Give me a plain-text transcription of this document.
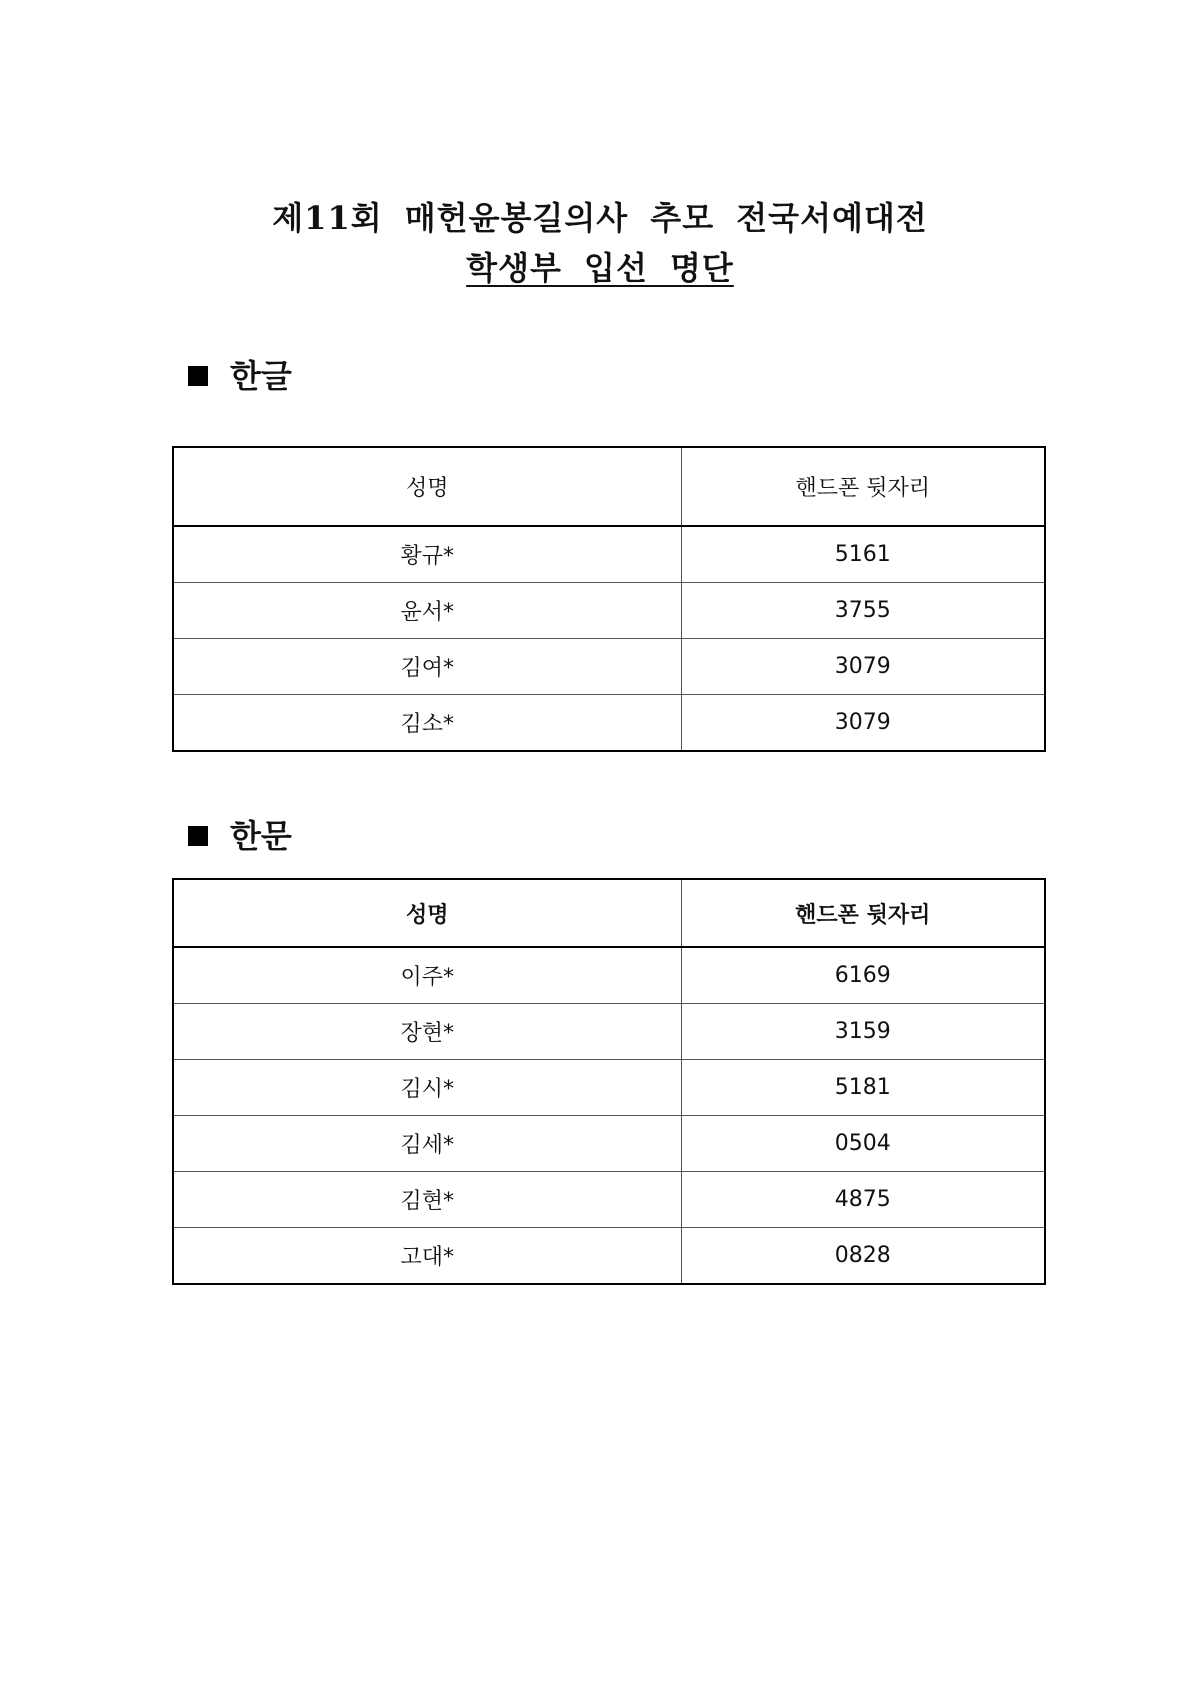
제11회 매헌윤봉길의사 추모 전국서예대전
학생부 입선 명단
한글
성명	핸드폰 뒷자리
황규*	5161
윤서*	3755
김여*	3079
김소*	3079
한문
성명	핸드폰 뒷자리
이주*	6169
장현*	3159
김시*	5181
김세*	0504
김현*	4875
고대*	0828
